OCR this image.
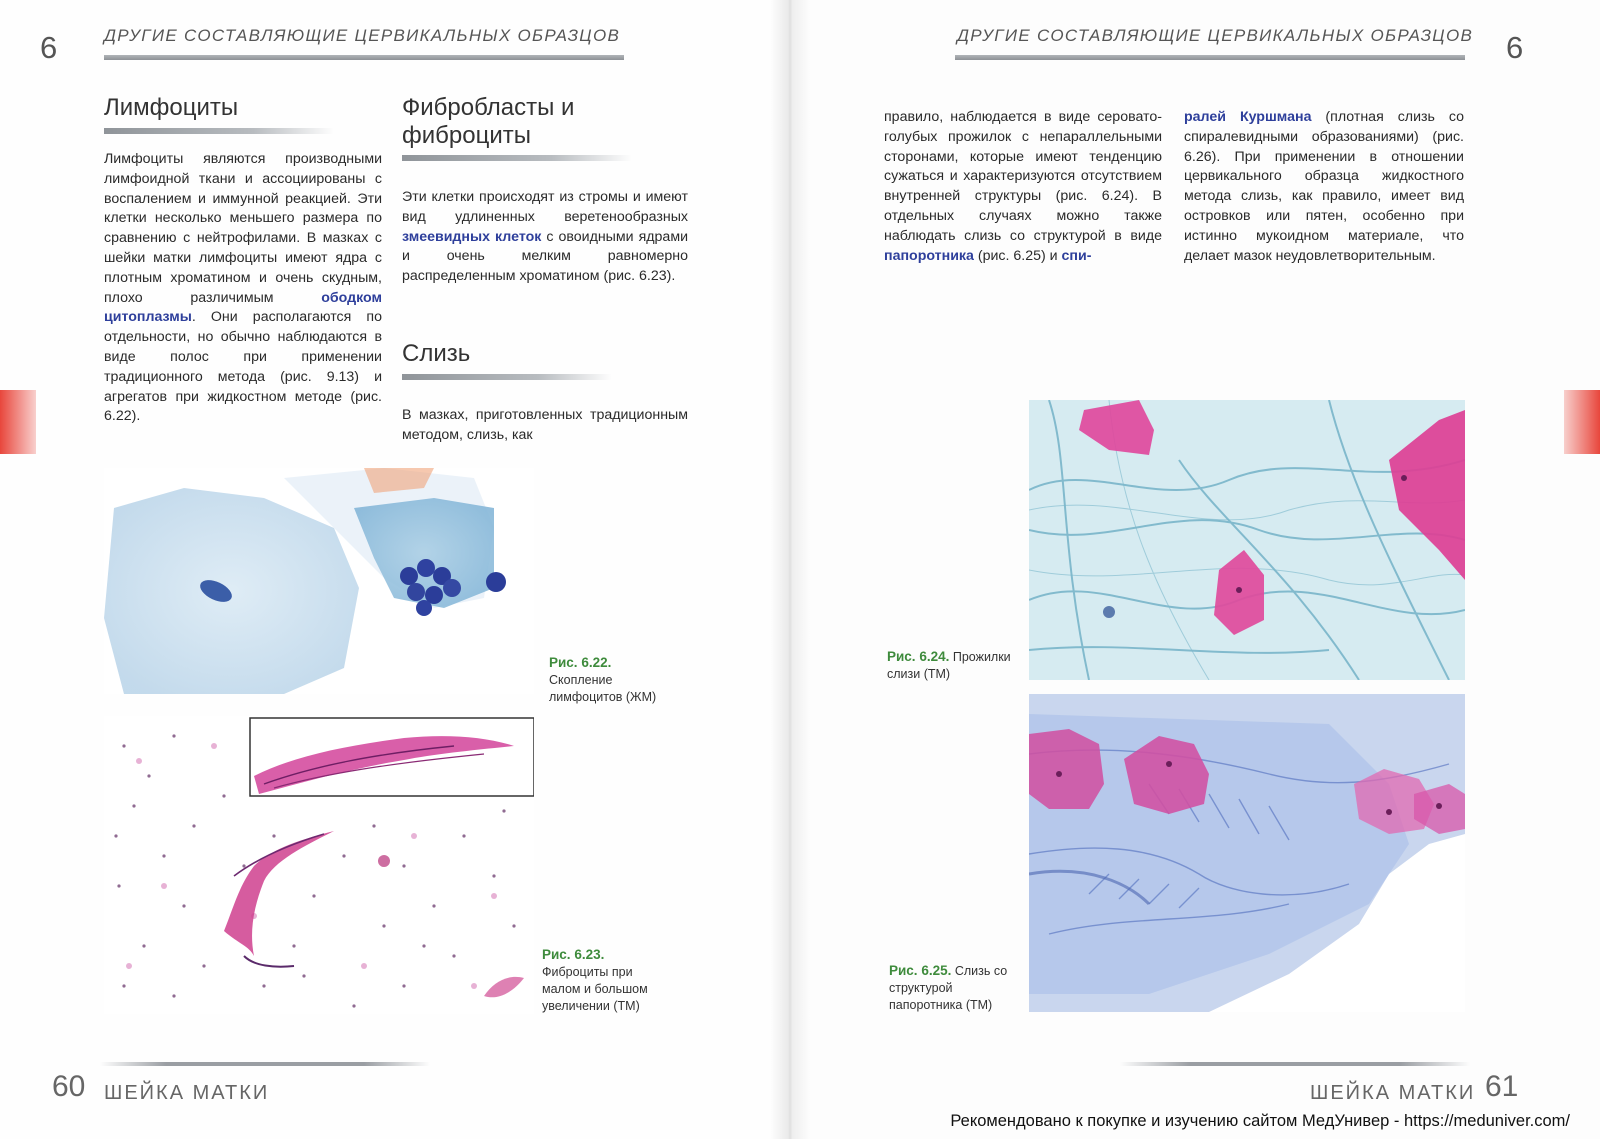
6	ДРУГИЕ СОСТАВЛЯЮЩИЕ ЦЕРВИКАЛЬНЫХ ОБРАЗЦОВ
Лимфоциты

Лимфоциты являются производными лимфоидной ткани и ассоциированы с воспалением и иммунной реакцией. Эти клетки несколько меньшего размера по сравнению с нейтрофилами. В мазках с шейки матки лимфоциты имеют ядра с плотным хроматином и очень скудным, плохо различимым ободком цитоплазмы. Они располагаются по отдельности, но обычно наблюдаются в виде полос при применении традиционного метода (рис. 9.13) и агрегатов при жидкостном методе (рис. 6.22).

Фибробласты и
фиброциты

Эти клетки происходят из стромы и имеют вид удлиненных веретенообразных змеевидных клеток с овоидными ядрами и очень мелким равномерно распределенным хроматином (рис. 6.23).

Слизь

В мазках, приготовленных традиционным методом, слизь, как

Рис. 6.22. Скопление лимфоцитов (ЖМ)

Рис. 6.23. Фиброциты при малом и большом увеличении (ТМ)

60 ШЕЙКА МАТКИ
6
ДРУГИЕ СОСТАВЛЯЮЩИЕ ЦЕРВИКАЛЬНЫХ ОБРАЗЦОВ

правило, наблюдается в виде серовато-голубых прожилок с непараллельными сторонами, которые имеют тенденцию сужаться и характеризуются отсутствием внутренней структуры (рис. 6.24). В отдельных случаях можно также наблюдать слизь со структурой в виде папоротника (рис. 6.25) и спи-

ралей Куршмана (плотная слизь со спиралевидными образованиями) (рис. 6.26). При применении в отношении цервикального образца жидкостного метода слизь, как правило, имеет вид островков или пятен, особенно при истинно мукоидном материале, что делает мазок неудовлетворительным.

Рис. 6.24. Прожилки слизи (ТМ)

Рис. 6.25. Слизь со структурой папоротника (ТМ)

ШЕЙКА МАТКИ 61
Рекомендовано к покупке и изучению сайтом МедУнивер - https://meduniver.com/
